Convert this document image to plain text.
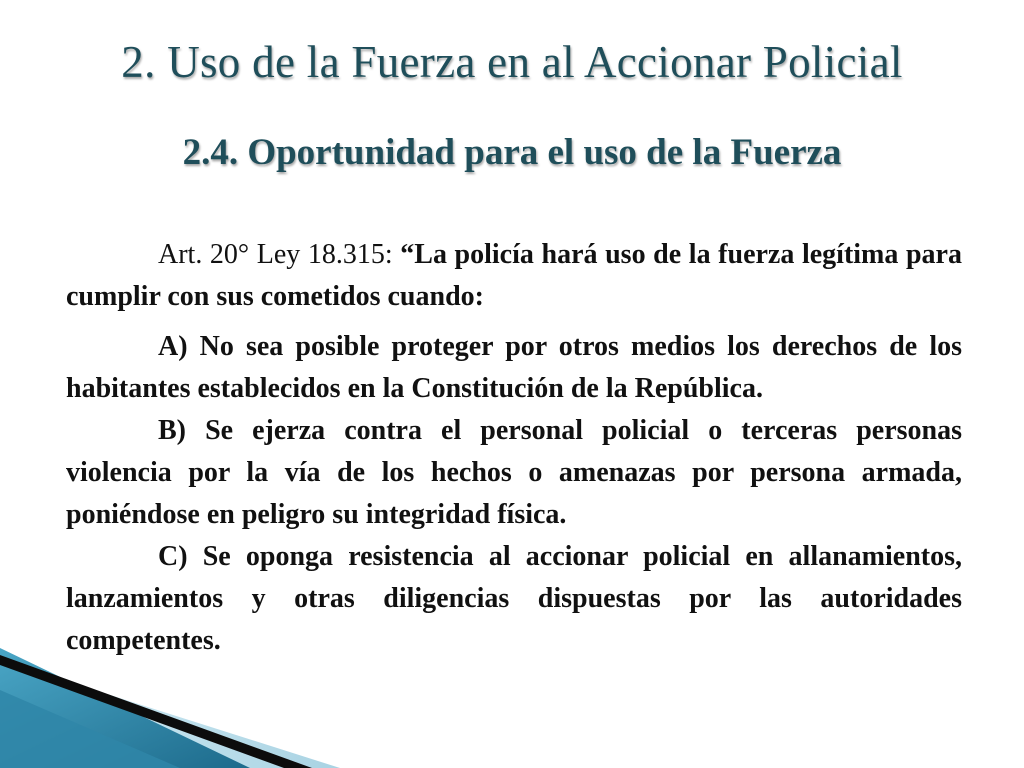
2. Uso de la Fuerza en al Accionar Policial
2.4. Oportunidad para el uso de la Fuerza

Art. 20° Ley 18.315: “La policía hará uso de la fuerza legítima para cumplir con sus cometidos cuando:

A) No sea posible proteger por otros medios los derechos de los habitantes establecidos en la Constitución de la República.

B) Se ejerza contra el personal policial o terceras personas violencia por la vía de los hechos o amenazas por persona armada, poniéndose en peligro su integridad física.

C) Se oponga resistencia al accionar policial en allanamientos, lanzamientos y otras diligencias dispuestas por las autoridades competentes.
